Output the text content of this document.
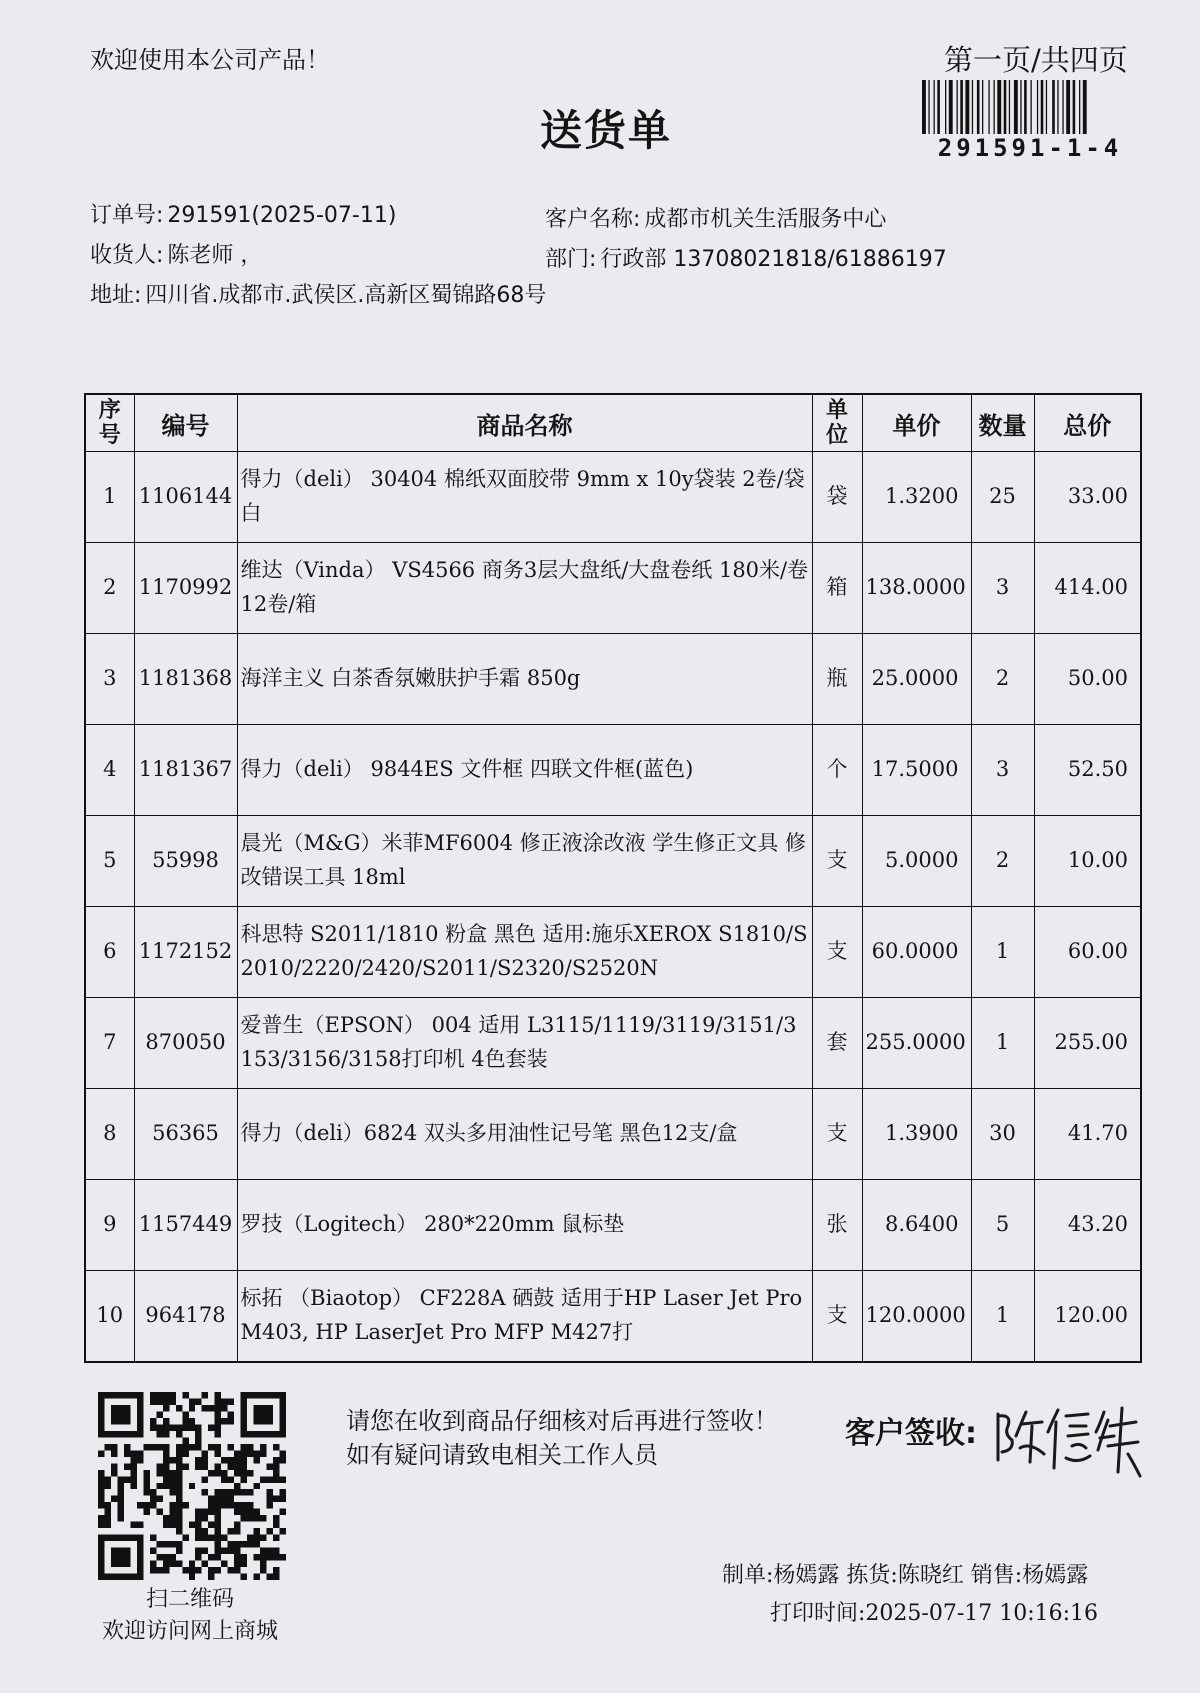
欢迎使用本公司产品！	第一页/共四页
291591-1-4
送货单
订单号: 291591(2025-07-11)	客户名称: 成都市机关生活服务中心
收货人: 陈老师 ，	部门: 行政部 13708021818/61886197
地址: 四川省.成都市.武侯区.高新区蜀锦路68号
序号	编号	商品名称	单位	单价	数量	总价
1	1106144	得力（deli） 30404 棉纸双面胶带 9mm x 10y袋装 2卷/袋白	袋	1.3200	25	33.00
2	1170992	维达（Vinda） VS4566 商务3层大盘纸/大盘卷纸 180米/卷 12卷/箱	箱	138.0000	3	414.00
3	1181368	海洋主义 白茶香氛嫩肤护手霜 850g	瓶	25.0000	2	50.00
4	1181367	得力（deli） 9844ES 文件框 四联文件框(蓝色)	个	17.5000	3	52.50
5	55998	晨光（M&G）米菲MF6004 修正液涂改液 学生修正文具 修改错误工具 18ml	支	5.0000	2	10.00
6	1172152	科思特 S2011/1810 粉盒 黑色 适用:施乐XEROX S1810/S2010/2220/2420/S2011/S2320/S2520N	支	60.0000	1	60.00
7	870050	爱普生（EPSON） 004 适用 L3115/1119/3119/3151/3153/3156/3158打印机 4色套装	套	255.0000	1	255.00
8	56365	得力（deli）6824 双头多用油性记号笔 黑色12支/盒	支	1.3900	30	41.70
9	1157449	罗技（Logitech） 280*220mm 鼠标垫	张	8.6400	5	43.20
10	964178	标拓 （Biaotop） CF228A 硒鼓 适用于HP Laser Jet Pro M403, HP LaserJet Pro MFP M427打	支	120.0000	1	120.00
扫二维码
欢迎访问网上商城
请您在收到商品仔细核对后再进行签收！如有疑问请致电相关工作人员
客户签收:
制单:杨嫣露 拣货:陈晓红 销售:杨嫣露
打印时间:2025-07-17 10:16:16
